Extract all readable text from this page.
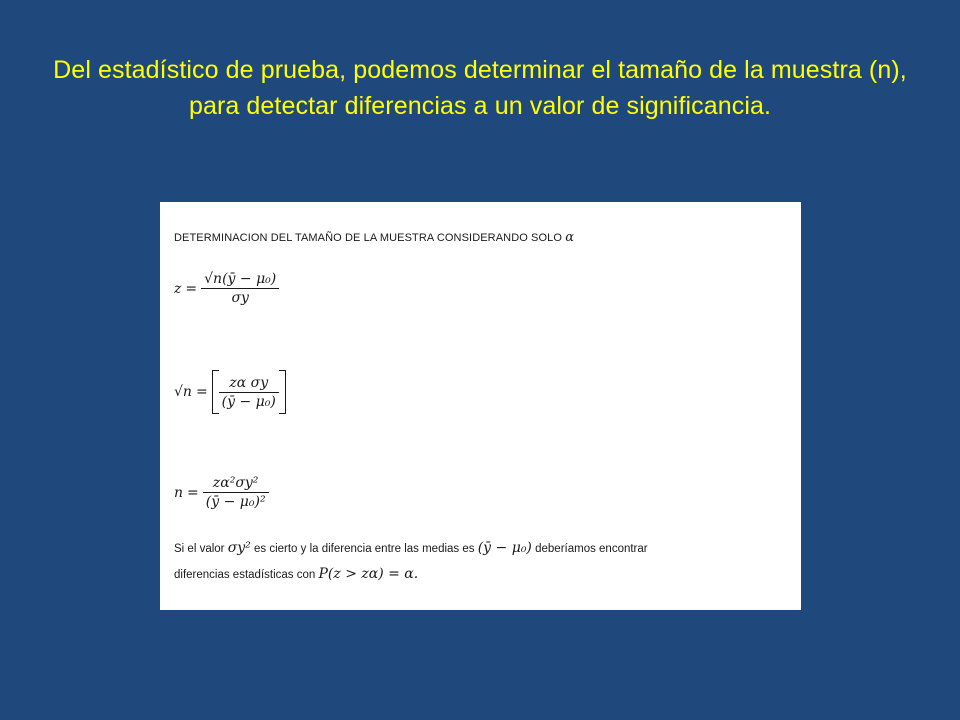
Del estadístico de prueba, podemos determinar el tamaño de la muestra (n), para detectar diferencias a un valor de significancia.
DETERMINACION DEL TAMAÑO DE LA MUESTRA CONSIDERANDO SOLO α
$z = \frac{\text{√n(ȳ − μ₀)}}{\sigma y}$
$√n = \frac{\text{zα σy}}{\text{(ȳ − μ₀)}}$
$n = \frac{\text{zα²σy²}}{\text{(ȳ − μ₀)²}}$
Si el valor σy² es cierto y la diferencia entre las medias es (ȳ − μ₀) deberíamos encontrar
diferencias estadísticas con P(z > zα) = α.
